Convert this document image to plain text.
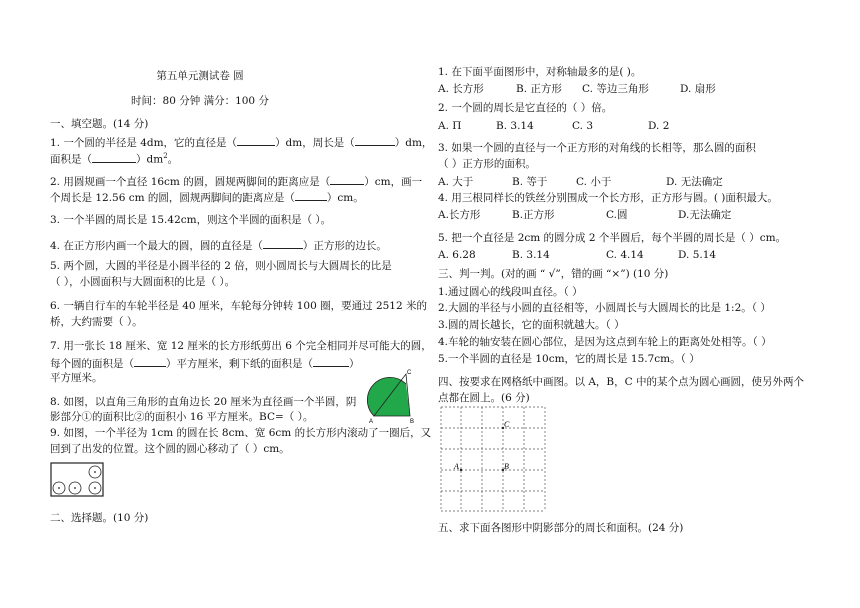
第五单元测试卷 圆
时间：80 分钟 满分：100 分
一、填空题。(14 分)
1. 一个圆的半径是 4dm，它的直径是（	）dm，周长是（	）dm，
面积是（	）$dm^2$。
2. 用圆规画一个直径 16cm 的圆，圆规两脚间的距离应是（	）cm，画一
个周长是 12.56 cm 的圆，圆规两脚间的距离应是（	）cm。
3. 一个半圆的周长是 15.42cm，则这个半圆的面积是（ ）。
4. 在正方形内画一个最大的圆，圆的直径是（	）正方形的边长。
5. 两个圆，大圆的半径是小圆半径的 2 倍，则小圆周长与大圆周长的比是
（ ），小圆面积与大圆面积的比是（ ）。
6. 一辆自行车的车轮半径是 40 厘米，车轮每分钟转 100 圈，要通过 2512 米的
桥，大约需要（ ）。
7. 用一张长 18 厘米、宽 12 厘米的长方形纸剪出 6 个完全相同并尽可能大的圆，
每个圆的面积是（	）平方厘米，剩下纸的面积是（	）
平方厘米。
8. 如图，以直角三角形的直角边长 20 厘米为直径画一个半圆，阴
影部分①的面积比②的面积小 16 平方厘米。BC=（ ）。
C
A	B
9. 如图，一个半径为 1cm 的圆在长 8cm、宽 6cm 的长方形内滚动了一圈后，又
回到了出发的位置。这个圆的圆心移动了（ ）cm。
二、选择题。(10 分)
1. 在下面平面图形中，对称轴最多的是( )。
A. 长方形	B. 正方形 C. 等边三角形	D. 扇形
2. 一个圆的周长是它直径的（ ）倍。
A. Π	B. 3.14	C. 3	D. 2
3. 如果一个圆的直径与一个正方形的对角线的长相等，那么圆的面积
（ ）正方形的面积。
A. 大于	B. 等于	C. 小于	D. 无法确定
4. 用三根同样长的铁丝分别围成一个长方形，正方形与圆。( )面积最大。
A.长方形	B.正方形	C.圆	D.无法确定
5. 把一个直径是 2cm 的圆分成 2 个半圆后，每个半圆的周长是（ ）cm。
A. 6.28	B. 3.14	C. 4.14	D. 5.14
三、判一判。(对的画 “ √”，错的画 “×”) (10 分)
1.通过圆心的线段叫直径。（ ）
2.大圆的半径与小圆的直径相等，小圆周长与大圆周长的比是 1:2。（ ）
3.圆的周长越长，它的面积就越大。（ ）
4.车轮的轴安装在圆心部位，是因为这点到车轮上的距离处处相等。（ ）
5.一个半圆的直径是 10cm，它的周长是 15.7cm。（ ）
四、按要求在网格纸中画图。以 A，B，C 中的某个点为圆心画圆，使另外两个
点都在圆上。(6 分)
A	B
C
五、求下面各图形中阴影部分的周长和面积。(24 分)
